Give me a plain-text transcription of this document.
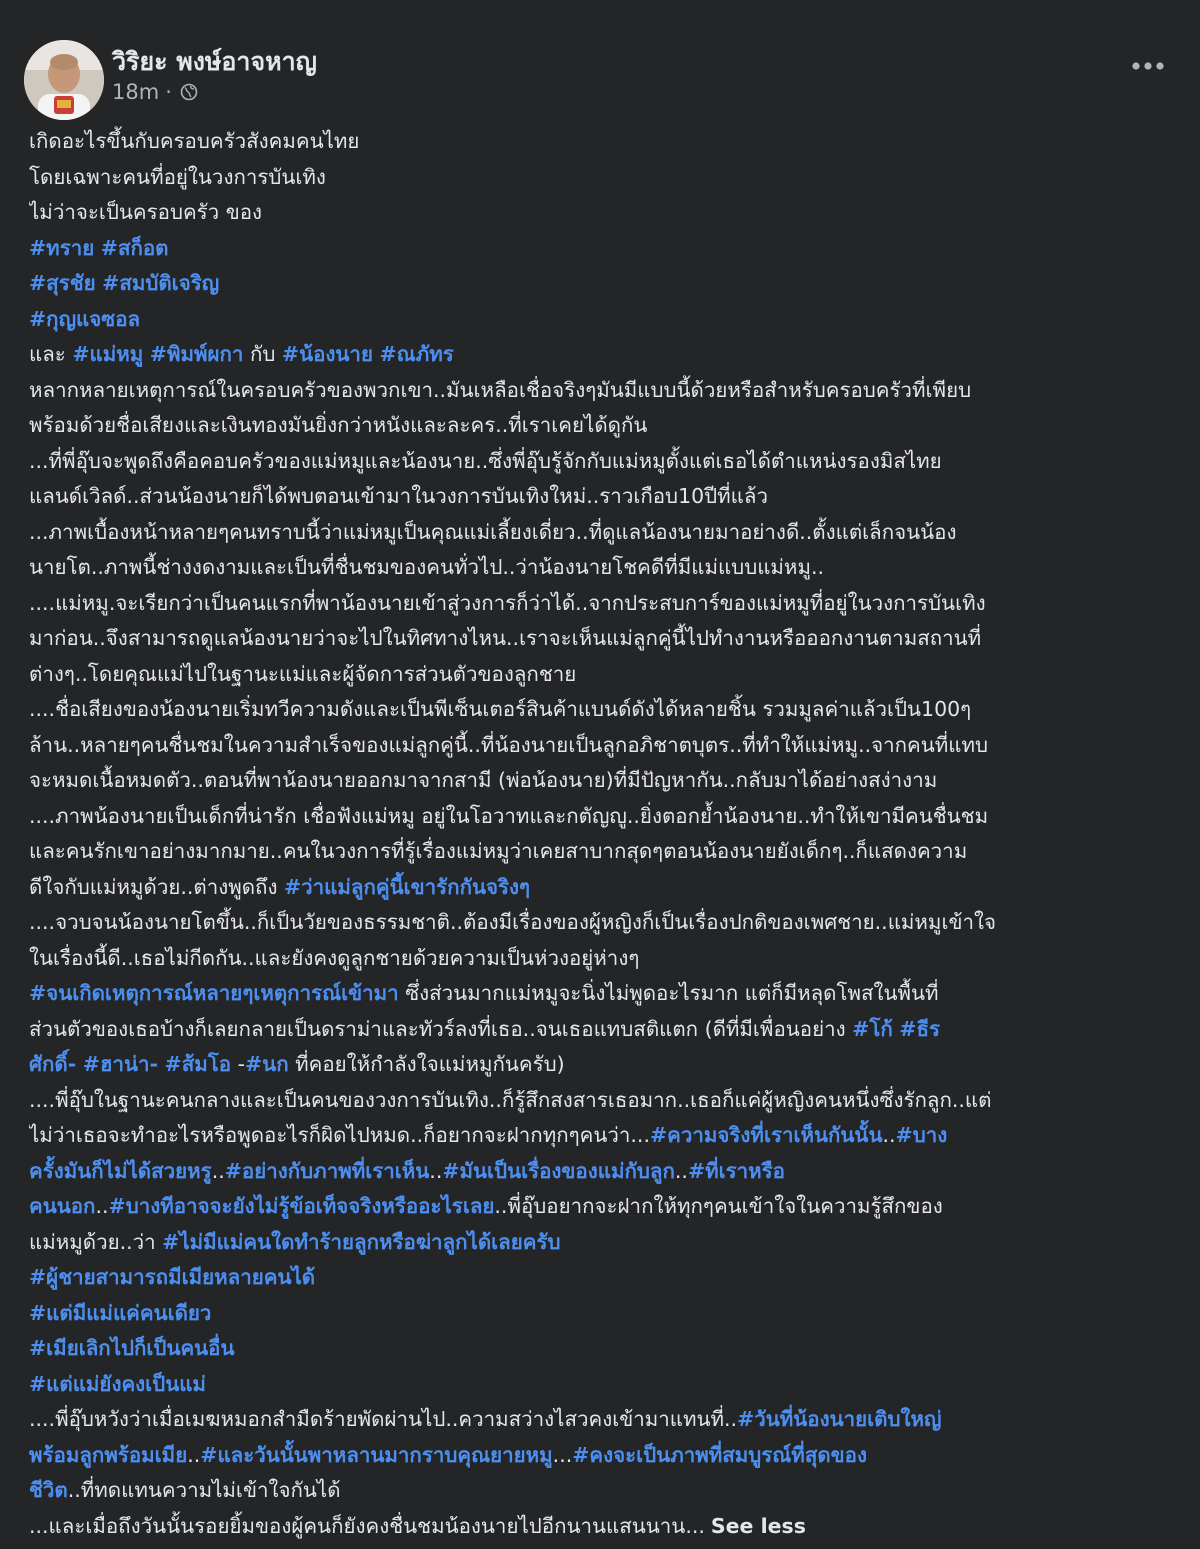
วิริยะ พงษ์อาจหาญ
18m ·
เกิดอะไรขึ้นกับครอบครัวสังคมคนไทย
โดยเฉพาะคนที่อยู่ในวงการบันเทิง
ไม่ว่าจะเป็นครอบครัว ของ
#ทราย #สก็อต
#สุรชัย #สมบัติเจริญ
#กุญแจซอล
และ #แม่หมู #พิมพ์ผกา กับ #น้องนาย #ณภัทร
หลากหลายเหตุการณ์ในครอบครัวของพวกเขา..มันเหลือเชื่อจริงๆมันมีแบบนี้ด้วยหรือสำหรับครอบครัวที่เพียบ
พร้อมด้วยชื่อเสียงและเงินทองมันยิ่งกว่าหนังและละคร..ที่เราเคยได้ดูกัน
...ที่พี่อุ๊บจะพูดถึงคือคอบครัวของแม่หมูและน้องนาย..ซึ่งพี่อุ๊บรู้จักกับแม่หมูตั้งแต่เธอได้ตำแหน่งรองมิสไทย
แลนด์เวิลด์..ส่วนน้องนายก็ได้พบตอนเข้ามาในวงการบันเทิงใหม่..ราวเกือบ10ปีที่แล้ว
...ภาพเบื้องหน้าหลายๆคนทราบนี้ว่าแม่หมูเป็นคุณแม่เลี้ยงเดี่ยว..ที่ดูแลน้องนายมาอย่างดี..ตั้งแต่เล็กจนน้อง
นายโต..ภาพนี้ช่างงดงามและเป็นที่ชื่นชมของคนทั่วไป..ว่าน้องนายโชคดีที่มีแม่แบบแม่หมู..
....แม่หมู.จะเรียกว่าเป็นคนแรกที่พาน้องนายเข้าสู่วงการก็ว่าได้..จากประสบการ์ของแม่หมูที่อยู่ในวงการบันเทิง
มาก่อน..จึงสามารถดูแลน้องนายว่าจะไปในทิศทางไหน..เราจะเห็นแม่ลูกคู่นี้ไปทำงานหรือออกงานตามสถานที่
ต่างๆ..โดยคุณแม่ไปในฐานะแม่และผู้จัดการส่วนตัวของลูกชาย
....ชื่อเสียงของน้องนายเริ่มทวีความดังและเป็นพีเซ็นเตอร์สินค้าแบนด์ดังได้หลายชิ้น รวมมูลค่าแล้วเป็น100ๆ
ล้าน..หลายๆคนชื่นชมในความสำเร็จของแม่ลูกคู่นี้..ที่น้องนายเป็นลูกอภิชาตบุตร..ที่ทำให้แม่หมู..จากคนที่แทบ
จะหมดเนื้อหมดตัว..ตอนที่พาน้องนายออกมาจากสามี (พ่อน้องนาย)ที่มีปัญหากัน..กลับมาได้อย่างสง่างาม
....ภาพน้องนายเป็นเด็กที่น่ารัก เชื่อฟังแม่หมู อยู่ในโอวาทและกตัญญู..ยิ่งตอกย้ำน้องนาย..ทำให้เขามีคนชื่นชม
และคนรักเขาอย่างมากมาย..คนในวงการที่รู้เรื่องแม่หมูว่าเคยสาบากสุดๆตอนน้องนายยังเด็กๆ..ก็แสดงความ
ดีใจกับแม่หมูด้วย..ต่างพูดถึง #ว่าแม่ลูกคู่นี้เขารักกันจริงๆ
....จวบจนน้องนายโตขึ้น..ก็เป็นวัยของธรรมชาติ..ต้องมีเรื่องของผู้หญิงก็เป็นเรื่องปกติของเพศชาย..แม่หมูเข้าใจ
ในเรื่องนี้ดี..เธอไม่กีดกัน..และยังคงดูลูกชายด้วยความเป็นห่วงอยู่ห่างๆ
#จนเกิดเหตุการณ์หลายๆเหตุการณ์เข้ามา ซึ่งส่วนมากแม่หมูจะนิ่งไม่พูดอะไรมาก แต่ก็มีหลุดโพสในพื้นที่
ส่วนตัวของเธอบ้างก็เลยกลายเป็นดราม่าและทัวร์ลงที่เธอ..จนเธอแทบสติแตก (ดีที่มีเพื่อนอย่าง #โก้ #ธีร
ศักดิ์- #ฮาน่า- #ส้มโอ -#นก ที่คอยให้กำลังใจแม่หมูกันครับ)
....พี่อุ๊บในฐานะคนกลางและเป็นคนของวงการบันเทิง..ก็รู้สึกสงสารเธอมาก..เธอก็แค่ผู้หญิงคนหนึ่งซึ่งรักลูก..แต่
ไม่ว่าเธอจะทำอะไรหรือพูดอะไรก็ผิดไปหมด..ก็อยากจะฝากทุกๆคนว่า...#ความจริงที่เราเห็นกันนั้น..#บาง
ครั้งมันก็ไม่ได้สวยหรู..#อย่างกับภาพที่เราเห็น..#มันเป็นเรื่องของแม่กับลูก..#ที่เราหรือ
คนนอก..#บางทีอาจจะยังไม่รู้ข้อเท็จจริงหรืออะไรเลย..พี่อุ๊บอยากจะฝากให้ทุกๆคนเข้าใจในความรู้สึกของ
แม่หมูด้วย..ว่า #ไม่มีแม่คนใดทำร้ายลูกหรือฆ่าลูกได้เลยครับ
#ผู้ชายสามารถมีเมียหลายคนได้
#แต่มีแม่แค่คนเดียว
#เมียเลิกไปก็เป็นคนอื่น
#แต่แม่ยังคงเป็นแม่
....พี่อุ๊บหวังว่าเมื่อเมฆหมอกสำมืดร้ายพัดผ่านไป..ความสว่างไสวคงเข้ามาแทนที่..#วันที่น้องนายเติบใหญ่
พร้อมลูกพร้อมเมีย..#และวันนั้นพาหลานมากราบคุณยายหมู...#คงจะเป็นภาพที่สมบูรณ์ที่สุดของ
ชีวิต..ที่ทดแทนความไม่เข้าใจกันได้
...และเมื่อถึงวันนั้นรอยยิ้มของผู้คนก็ยังคงชื่นชมน้องนายไปอีกนานแสนนาน... See less
